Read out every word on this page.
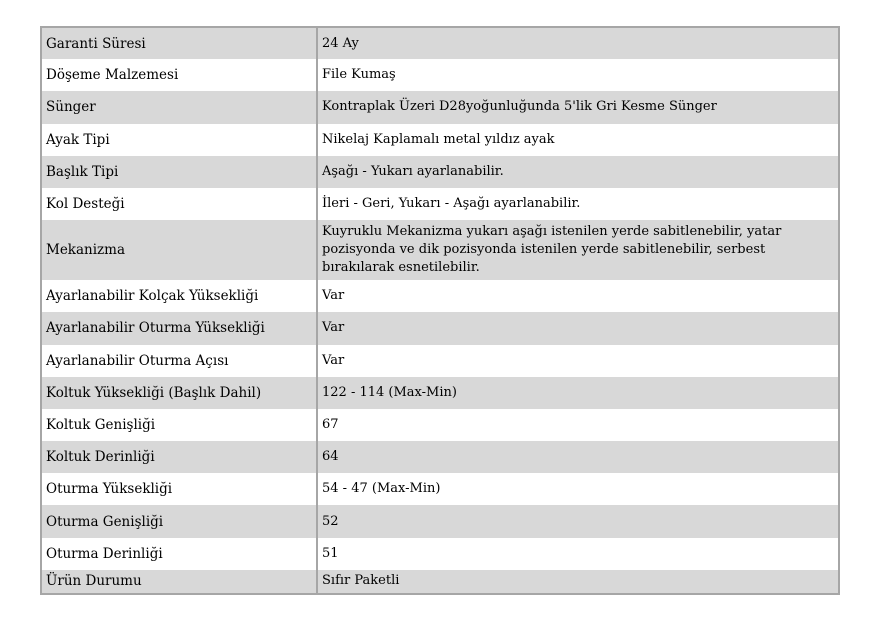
Garanti Süresi	24 Ay
Döşeme Malzemesi	File Kumaş
Sünger	Kontraplak Üzeri D28yoğunluğunda 5'lik Gri Kesme Sünger
Ayak Tipi	Nikelaj Kaplamalı metal yıldız ayak
Başlık Tipi	Aşağı - Yukarı ayarlanabilir.
Kol Desteği	İleri - Geri, Yukarı - Aşağı ayarlanabilir.
Mekanizma	Kuyruklu Mekanizma yukarı aşağı istenilen yerde sabitlenebilir, yatar pozisyonda ve dik pozisyonda istenilen yerde sabitlenebilir, serbest bırakılarak esnetilebilir.
Ayarlanabilir Kolçak Yüksekliği	Var
Ayarlanabilir Oturma Yüksekliği	Var
Ayarlanabilir Oturma Açısı	Var
Koltuk Yüksekliği (Başlık Dahil)	122 - 114 (Max-Min)
Koltuk Genişliği	67
Koltuk Derinliği	64
Oturma Yüksekliği	54 - 47 (Max-Min)
Oturma Genişliği	52
Oturma Derinliği	51
Ürün Durumu	Sıfır Paketli
